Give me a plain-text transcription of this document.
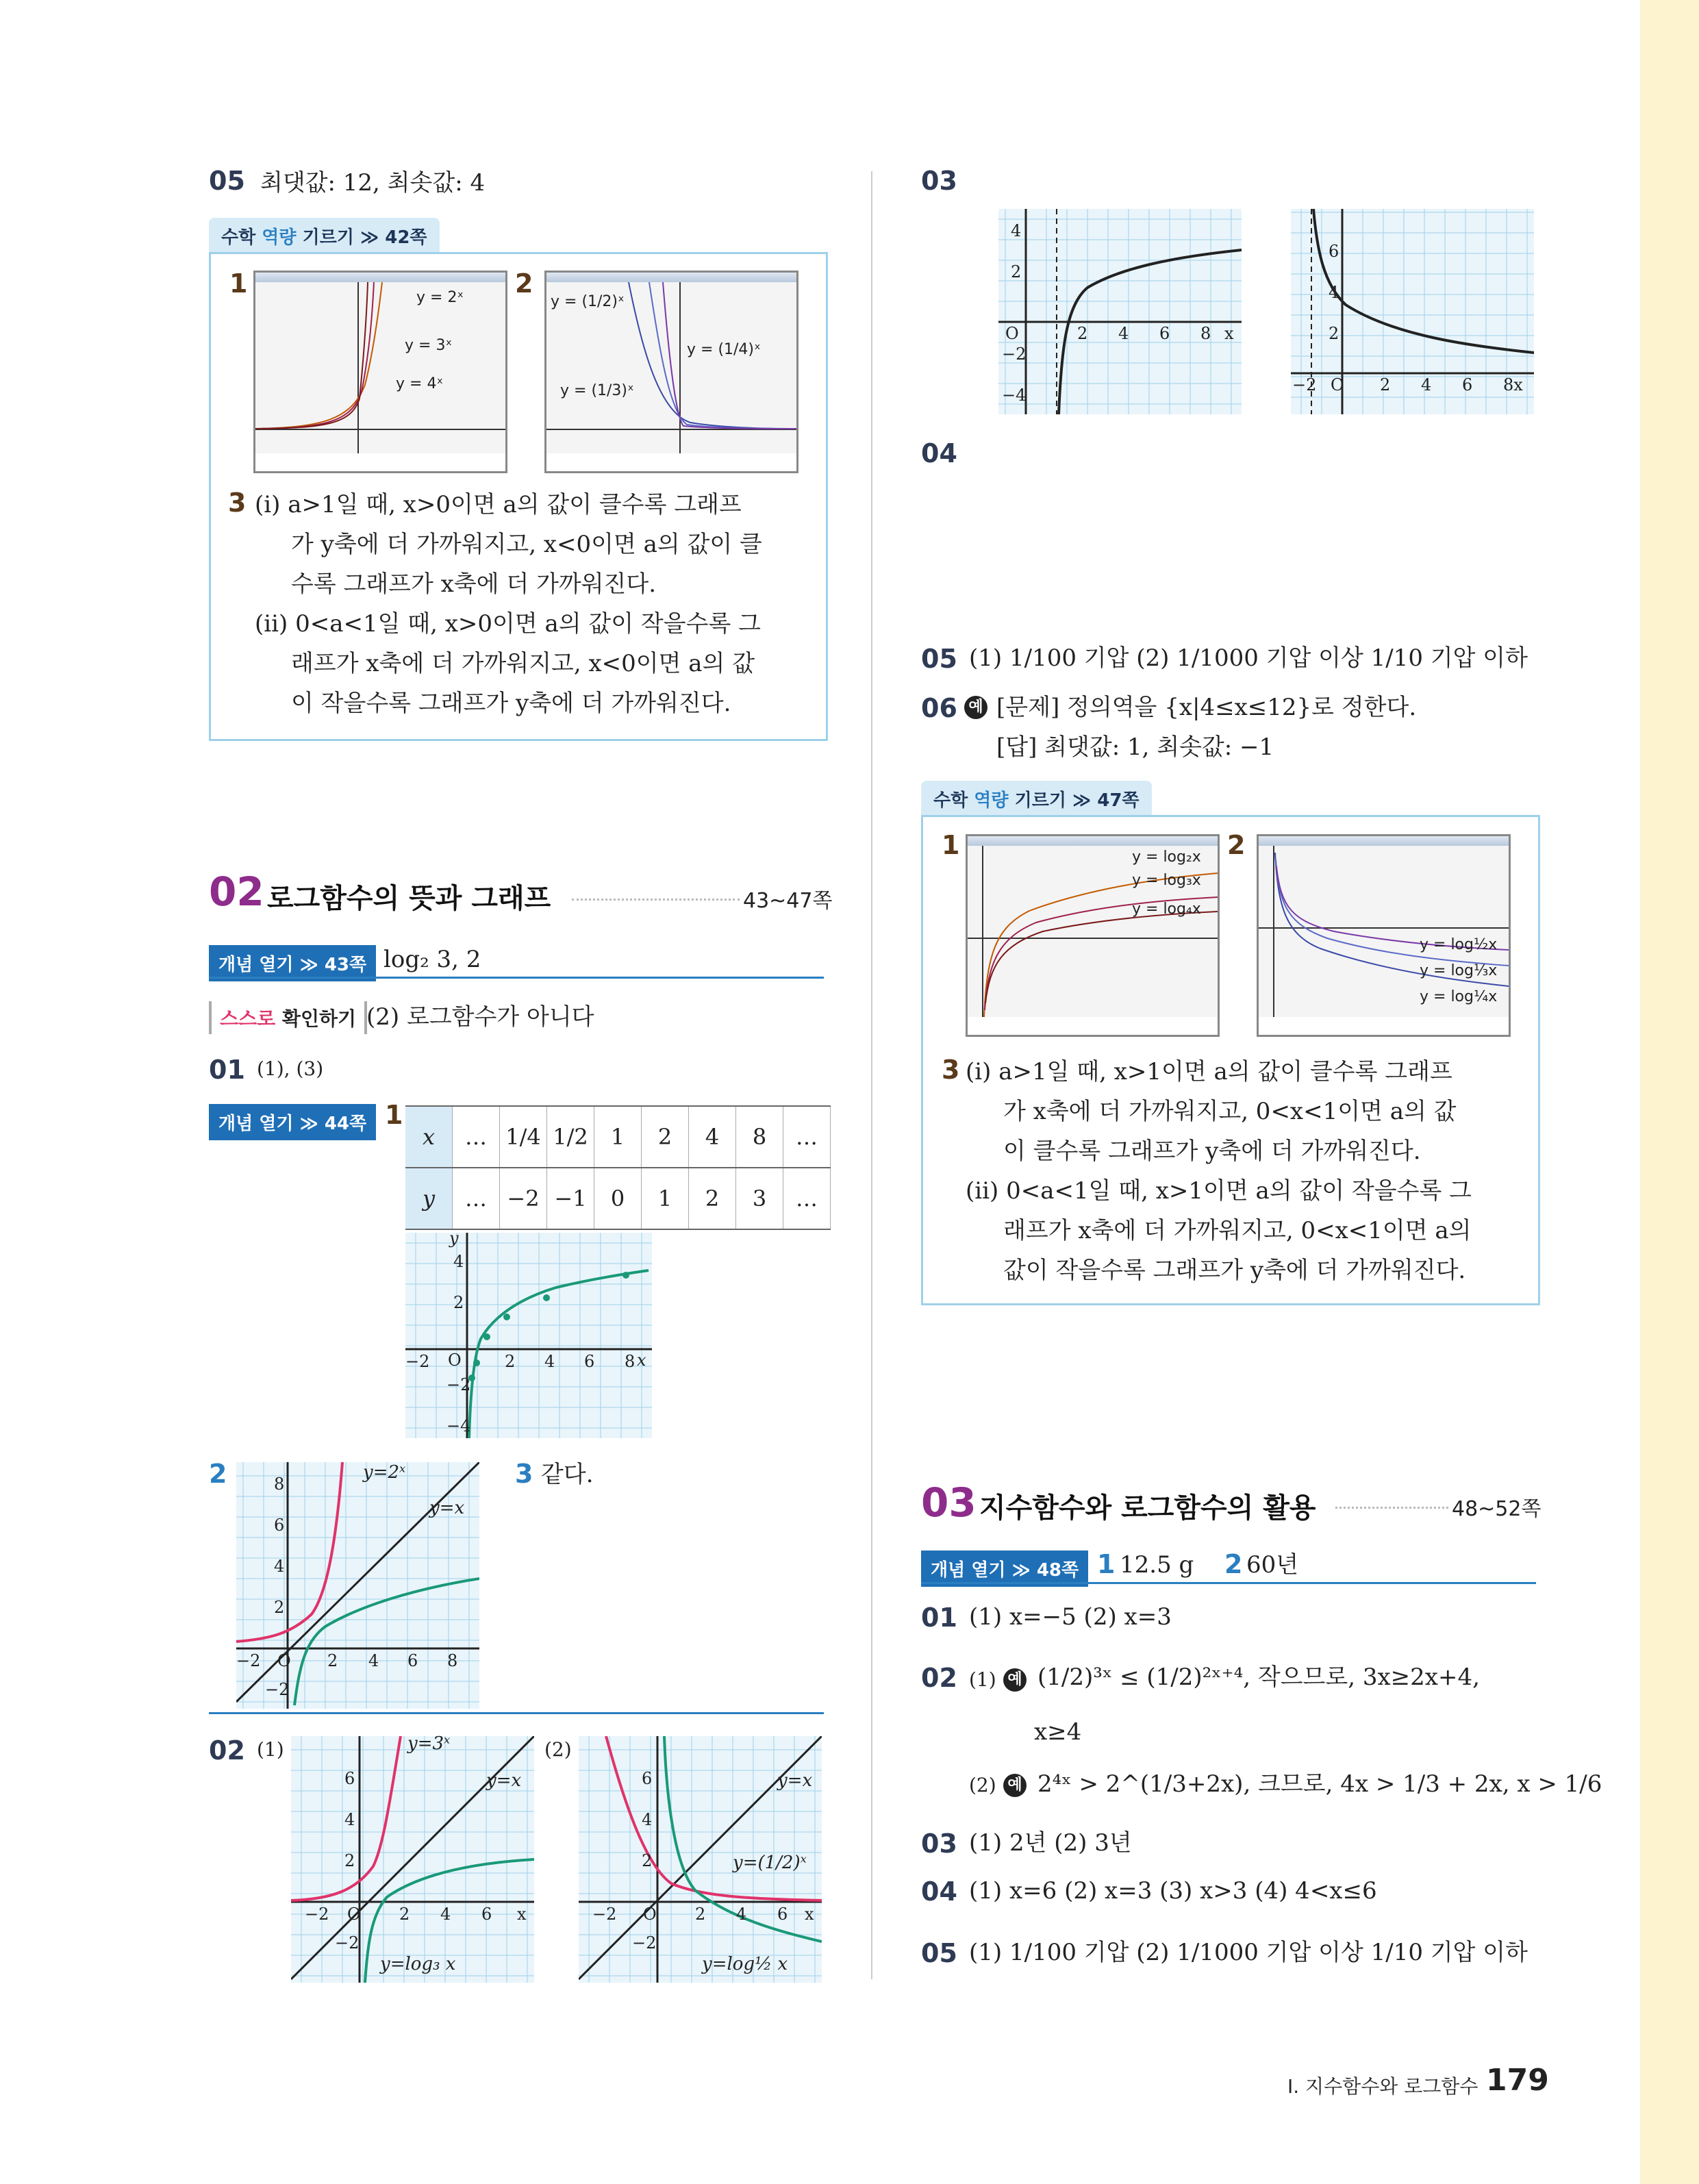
05 최댓값: 12, 최솟값: 4
수학 역량 기르기 ≫ 42쪽
1	y = 2ˣ
y = 3ˣ
y = 4ˣ
2
y = (1/2)ˣ
y = (1/4)ˣ
y = (1/3)ˣ
3 (i) a>1일 때, x>0이면 a의 값이 클수록 그래프
가 y축에 더 가까워지고, x<0이면 a의 값이 클
수록 그래프가 x축에 더 가까워진다.
(ii) 0<a<1일 때, x>0이면 a의 값이 작을수록 그
래프가 x축에 더 가까워지고, x<0이면 a의 값
이 작을수록 그래프가 y축에 더 가까워진다.
02 로그함수의 뜻과 그래프	43~47쪽
개념 열기 ≫ 43쪽 log₂ 3, 2
스스로 확인하기 (2) 로그함수가 아니다
01 (1), (3)
개념 열기 ≫ 44쪽 1
x	…	1/4	1/2	1	2	4	8	…
y	…	−2	−1	0	1	2	3	…
−2	2 4 6 8
4
2
−2
−4
y
x
O
2
−2	2 4 6 8
8
6
4
2
−2
O
y=2ˣ
y=x
3 같다.
02 (1)
−2	2 4 6 x
6
4
2
−2
O
y=3ˣ
y=x
y=log₃ x
(2)
−2	2 4 6 x
6
4
2
−2
O
y=x
y=(1/2)ˣ
y=log½ x
03
O	2 4 6 8 x
4
2
−2
−4
−2 O 2 4 6 8x
6
4
2
04
05 (1) 1/100 기압 (2) 1/1000 기압 이상 1/10 기압 이하
06 예 [문제] 정의역을 {x|4≤x≤12}로 정한다.
[답] 최댓값: 1, 최솟값: −1
수학 역량 기르기 ≫ 47쪽
1	y = log₂x
y = log₃x
y = log₄x
2
y = log½x
y = log⅓x
y = log¼x
3 (i) a>1일 때, x>1이면 a의 값이 클수록 그래프
가 x축에 더 가까워지고, 0<x<1이면 a의 값
이 클수록 그래프가 y축에 더 가까워진다.
(ii) 0<a<1일 때, x>1이면 a의 값이 작을수록 그
래프가 x축에 더 가까워지고, 0<x<1이면 a의
값이 작을수록 그래프가 y축에 더 가까워진다.
03 지수함수와 로그함수의 활용	48~52쪽
개념 열기 ≫ 48쪽 1 12.5 g 2 60년
01 (1) x=−5 (2) x=3
02 (1) 예 (1/2)³ˣ ≤ (1/2)²ˣ⁺⁴, 작으므로, 3x≥2x+4,
x≥4
(2) 예 2⁴ˣ > 2^(1/3+2x), 크므로, 4x > 1/3 + 2x, x > 1/6
03 (1) 2년 (2) 3년
04 (1) x=6 (2) x=3 (3) x>3 (4) 4<x≤6
05 (1) 1/100 기압 (2) 1/1000 기압 이상 1/10 기압 이하
Ⅰ. 지수함수와 로그함수 179
